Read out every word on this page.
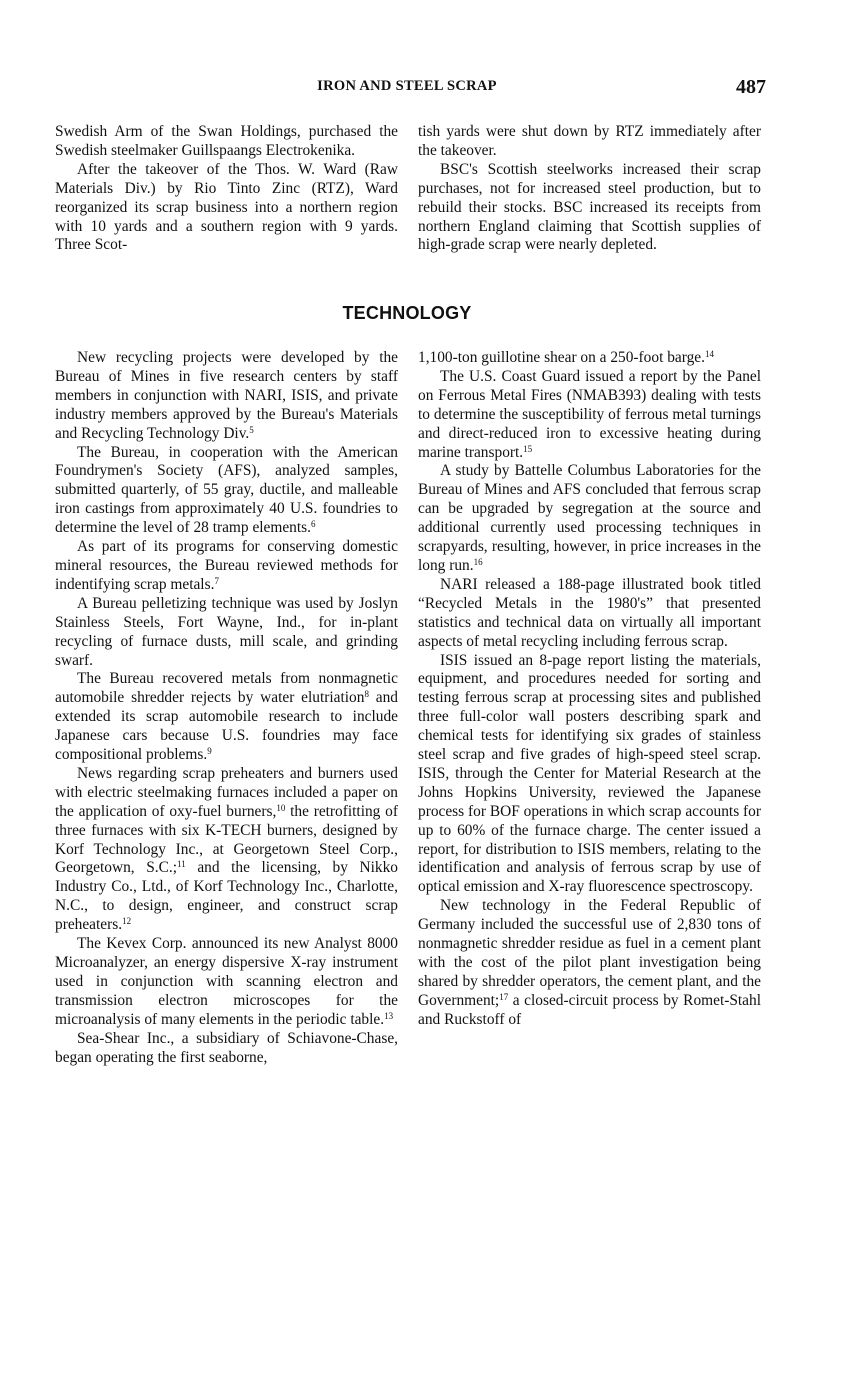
IRON AND STEEL SCRAP	487

Swedish Arm of the Swan Holdings, purchased the Swedish steelmaker Guillspaangs Electrokenika.

After the takeover of the Thos. W. Ward (Raw Materials Div.) by Rio Tinto Zinc (RTZ), Ward reorganized its scrap business into a northern region with 10 yards and a southern region with 9 yards. Three Scot-

tish yards were shut down by RTZ immediately after the takeover.

BSC's Scottish steelworks increased their scrap purchases, not for increased steel production, but to rebuild their stocks. BSC increased its receipts from northern England claiming that Scottish supplies of high-grade scrap were nearly depleted.

TECHNOLOGY

New recycling projects were developed by the Bureau of Mines in five research centers by staff members in conjunction with NARI, ISIS, and private industry members approved by the Bureau's Materials and Recycling Technology Div.$^5$

The Bureau, in cooperation with the American Foundrymen's Society (AFS), analyzed samples, submitted quarterly, of 55 gray, ductile, and malleable iron castings from approximately 40 U.S. foundries to determine the level of 28 tramp elements.$^6$

As part of its programs for conserving domestic mineral resources, the Bureau reviewed methods for indentifying scrap metals.$^7$

A Bureau pelletizing technique was used by Joslyn Stainless Steels, Fort Wayne, Ind., for in-plant recycling of furnace dusts, mill scale, and grinding swarf.

The Bureau recovered metals from nonmagnetic automobile shredder rejects by water elutriation$^8$ and extended its scrap automobile research to include Japanese cars because U.S. foundries may face compositional problems.$^9$

News regarding scrap preheaters and burners used with electric steelmaking furnaces included a paper on the application of oxy-fuel burners,$^{10}$ the retrofitting of three furnaces with six K-TECH burners, designed by Korf Technology Inc., at Georgetown Steel Corp., Georgetown, S.C.;$^{11}$ and the licensing, by Nikko Industry Co., Ltd., of Korf Technology Inc., Charlotte, N.C., to design, engineer, and construct scrap preheaters.$^{12}$

The Kevex Corp. announced its new Analyst 8000 Microanalyzer, an energy dispersive X-ray instrument used in conjunction with scanning electron and transmission electron microscopes for the microanalysis of many elements in the periodic table.$^{13}$

Sea-Shear Inc., a subsidiary of Schiavone-Chase, began operating the first seaborne,

1,100-ton guillotine shear on a 250-foot barge.$^{14}$

The U.S. Coast Guard issued a report by the Panel on Ferrous Metal Fires (NMAB393) dealing with tests to determine the susceptibility of ferrous metal turnings and direct-reduced iron to excessive heating during marine transport.$^{15}$

A study by Battelle Columbus Laboratories for the Bureau of Mines and AFS concluded that ferrous scrap can be upgraded by segregation at the source and additional currently used processing techniques in scrapyards, resulting, however, in price increases in the long run.$^{16}$

NARI released a 188-page illustrated book titled “Recycled Metals in the 1980's” that presented statistics and technical data on virtually all important aspects of metal recycling including ferrous scrap.

ISIS issued an 8-page report listing the materials, equipment, and procedures needed for sorting and testing ferrous scrap at processing sites and published three full-color wall posters describing spark and chemical tests for identifying six grades of stainless steel scrap and five grades of high-speed steel scrap. ISIS, through the Center for Material Research at the Johns Hopkins University, reviewed the Japanese process for BOF operations in which scrap accounts for up to 60% of the furnace charge. The center issued a report, for distribution to ISIS members, relating to the identification and analysis of ferrous scrap by use of optical emission and X-ray fluorescence spectroscopy.

New technology in the Federal Republic of Germany included the successful use of 2,830 tons of nonmagnetic shredder residue as fuel in a cement plant with the cost of the pilot plant investigation being shared by shredder operators, the cement plant, and the Government;$^{17}$ a closed-circuit process by Romet-Stahl and Ruckstoff of
